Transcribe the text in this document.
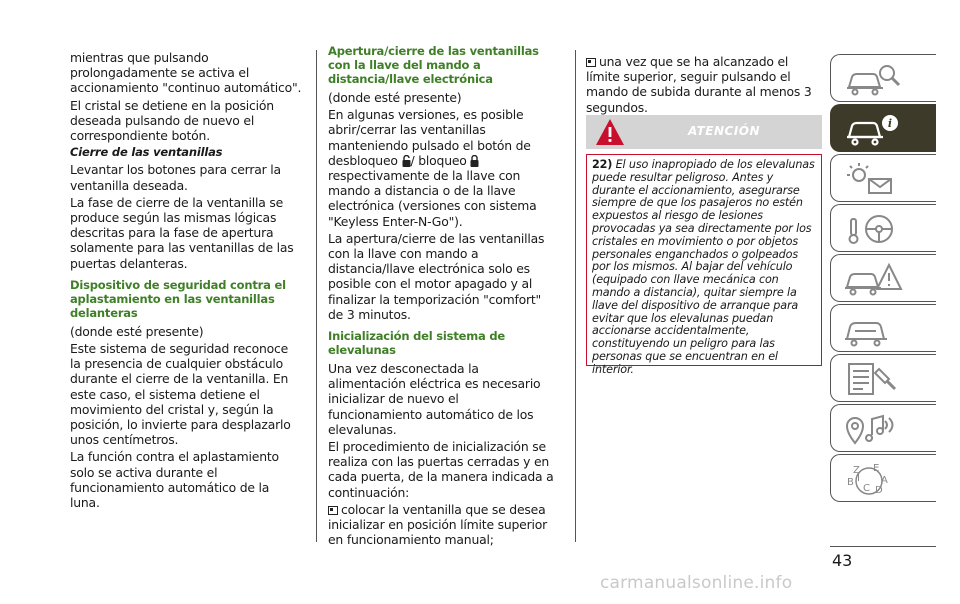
mientras que pulsando prolongadamente se activa el accionamiento "continuo automático".

El cristal se detiene en la posición deseada pulsando de nuevo el correspondiente botón.

Cierre de las ventanillas

Levantar los botones para cerrar la ventanilla deseada.

La fase de cierre de la ventanilla se produce según las mismas lógicas descritas para la fase de apertura solamente para las ventanillas de las puertas delanteras.

Dispositivo de seguridad contra el aplastamiento en las ventanillas delanteras

(donde esté presente)

Este sistema de seguridad reconoce la presencia de cualquier obstáculo durante el cierre de la ventanilla. En este caso, el sistema detiene el movimiento del cristal y, según la posición, lo invierte para desplazarlo unos centímetros.

La función contra el aplastamiento solo se activa durante el funcionamiento automático de la luna.

Apertura/cierre de las ventanillas con la llave del mando a distancia/llave electrónica

(donde esté presente)

En algunas versiones, es posible abrir/cerrar las ventanillas manteniendo pulsado el botón de desbloqueo / bloqueo  respectivamente de la llave con mando a distancia o de la llave electrónica (versiones con sistema "Keyless Enter-N-Go").

La apertura/cierre de las ventanillas con la llave con mando a distancia/llave electrónica solo es posible con el motor apagado y al finalizar la temporización "comfort" de 3 minutos.

Inicialización del sistema de elevalunas

Una vez desconectada la alimentación eléctrica es necesario inicializar de nuevo el funcionamiento automático de los elevalunas.

El procedimiento de inicialización se realiza con las puertas cerradas y en cada puerta, de la manera indicada a continuación:

colocar la ventanilla que se desea inicializar en posición límite superior en funcionamiento manual;

una vez que se ha alcanzado el límite superior, seguir pulsando el mando de subida durante al menos 3 segundos.

ATENCIÓN
22) El uso inapropiado de los elevalunas puede resultar peligroso. Antes y durante el accionamiento, asegurarse siempre de que los pasajeros no estén expuestos al riesgo de lesiones provocadas ya sea directamente por los cristales en movimiento o por objetos personales enganchados o golpeados por los mismos. Al bajar del vehículo (equipado con llave mecánica con mando a distancia), quitar siempre la llave del dispositivo de arranque para evitar que los elevalunas puedan accionarse accidentalmente, constituyendo un peligro para las personas que se encuentran en el interior.
i
Z E
B	A
C D
I
43
carmanualsonline.info
